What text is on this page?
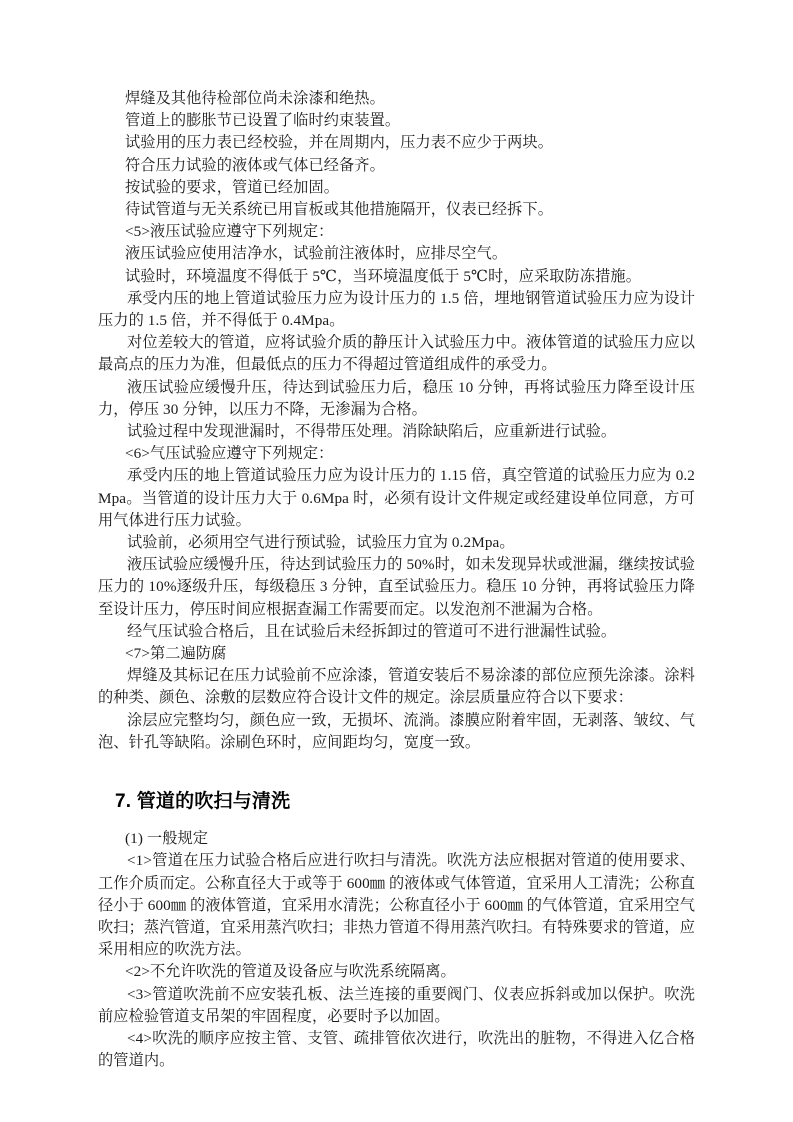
焊缝及其他待检部位尚未涂漆和绝热。

管道上的膨胀节已设置了临时约束装置。

试验用的压力表已经校验，并在周期内，压力表不应少于两块。

符合压力试验的液体或气体已经备齐。

按试验的要求，管道已经加固。

待试管道与无关系统已用盲板或其他措施隔开，仪表已经拆下。

<5>液压试验应遵守下列规定：

液压试验应使用洁净水，试验前注液体时，应排尽空气。

试验时，环境温度不得低于 5℃，当环境温度低于 5℃时，应采取防冻措施。

承受内压的地上管道试验压力应为设计压力的 1.5 倍，埋地钢管道试验压力应为设计压力的 1.5 倍，并不得低于 0.4Mpa。

对位差较大的管道，应将试验介质的静压计入试验压力中。液体管道的试验压力应以最高点的压力为准，但最低点的压力不得超过管道组成件的承受力。

液压试验应缓慢升压，待达到试验压力后，稳压 10 分钟，再将试验压力降至设计压力，停压 30 分钟，以压力不降，无渗漏为合格。

试验过程中发现泄漏时，不得带压处理。消除缺陷后，应重新进行试验。

<6>气压试验应遵守下列规定：

承受内压的地上管道试验压力应为设计压力的 1.15 倍，真空管道的试验压力应为 0.2Mpa。当管道的设计压力大于 0.6Mpa 时，必须有设计文件规定或经建设单位同意，方可用气体进行压力试验。

试验前，必须用空气进行预试验，试验压力宜为 0.2Mpa。

液压试验应缓慢升压，待达到试验压力的 50%时，如未发现异状或泄漏，继续按试验压力的 10%逐级升压，每级稳压 3 分钟，直至试验压力。稳压 10 分钟，再将试验压力降至设计压力，停压时间应根据查漏工作需要而定。以发泡剂不泄漏为合格。

经气压试验合格后，且在试验后未经拆卸过的管道可不进行泄漏性试验。

<7>第二遍防腐

焊缝及其标记在压力试验前不应涂漆，管道安装后不易涂漆的部位应预先涂漆。涂料的种类、颜色、涂敷的层数应符合设计文件的规定。涂层质量应符合以下要求：

涂层应完整均匀，颜色应一致，无损坏、流淌。漆膜应附着牢固，无剥落、皱纹、气泡、针孔等缺陷。涂刷色环时，应间距均匀，宽度一致。

7. 管道的吹扫与清洗

(1) 一般规定

<1>管道在压力试验合格后应进行吹扫与清洗。吹洗方法应根据对管道的使用要求、工作介质而定。公称直径大于或等于 600㎜ 的液体或气体管道，宜采用人工清洗；公称直径小于 600㎜ 的液体管道，宜采用水清洗；公称直径小于 600㎜ 的气体管道，宜采用空气吹扫；蒸汽管道，宜采用蒸汽吹扫；非热力管道不得用蒸汽吹扫。有特殊要求的管道，应采用相应的吹洗方法。

<2>不允许吹洗的管道及设备应与吹洗系统隔离。

<3>管道吹洗前不应安装孔板、法兰连接的重要阀门、仪表应拆斜或加以保护。吹洗前应检验管道支吊架的牢固程度，必要时予以加固。

<4>吹洗的顺序应按主管、支管、疏排管依次进行，吹洗出的脏物，不得进入亿合格的管道内。
